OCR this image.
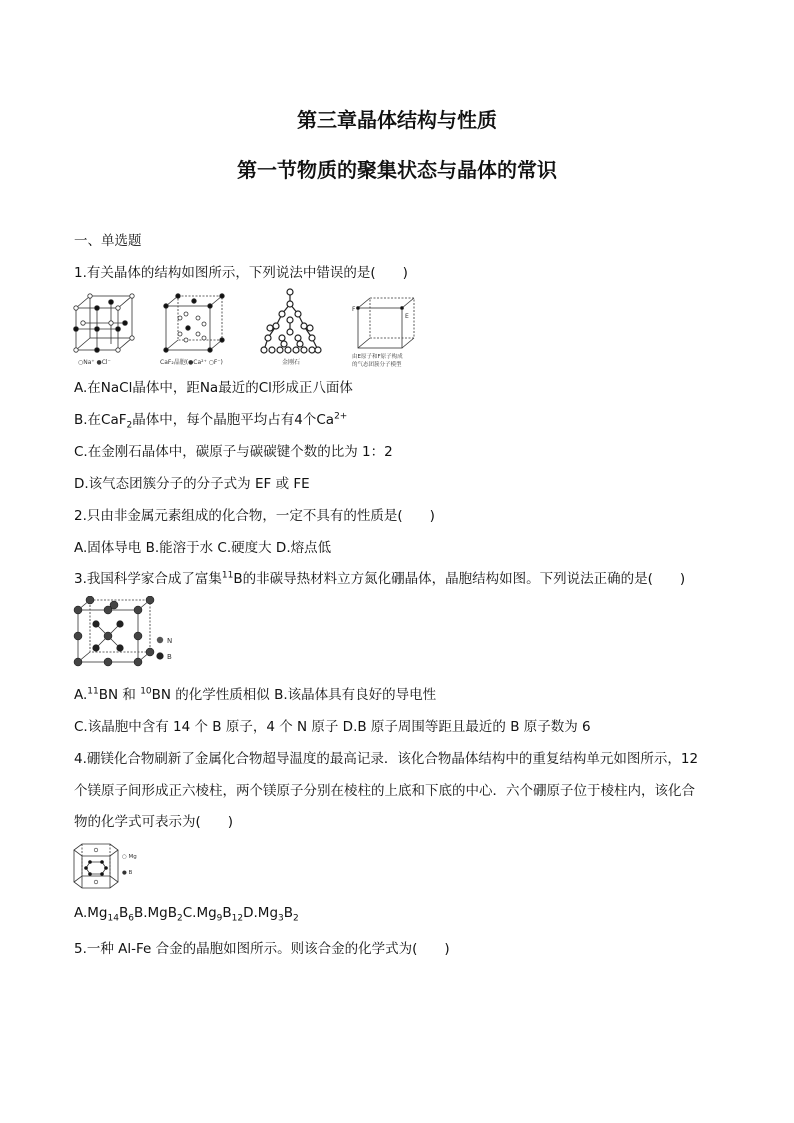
第三章晶体结构与性质
第一节物质的聚集状态与晶体的常识
一、单选题
1.有关晶体的结构如图所示，下列说法中错误的是(　　)
○Na⁺ ●Cl⁻	CaF₂晶胞(●Ca²⁺ ○F⁻)	金刚石
F
E
由E原子和F原子构成
的气态团簇分子模型
A.在NaCl晶体中，距Na最近的Cl形成正八面体
B.在CaF$_2$晶体中，每个晶胞平均占有4个$Ca^{2+}$
C.在金刚石晶体中，碳原子与碳碳键个数的比为 1：2
D.该气态团簇分子的分子式为 EF 或 FE
2.只由非金属元素组成的化合物，一定不具有的性质是(　　)
A.固体导电 B.能溶于水 C.硬度大 D.熔点低
3.我国科学家合成了富集$^{11}$B的非碳导热材料立方氮化硼晶体，晶胞结构如图。下列说法正确的是(　　)
N
B
A.$^{11}$BN 和 $^{10}$BN 的化学性质相似 B.该晶体具有良好的导电性
C.该晶胞中含有 14 个 B 原子，4 个 N 原子 D.B 原子周围等距且最近的 B 原子数为 6
4.硼镁化合物刷新了金属化合物超导温度的最高记录．该化合物晶体结构中的重复结构单元如图所示，12
个镁原子间形成正六棱柱，两个镁原子分别在棱柱的上底和下底的中心．六个硼原子位于棱柱内，该化合
物的化学式可表示为(　　)
○ Mg
● B
$A.Mg_{14}B_6B.MgB_2C.Mg_9B_{12}D.Mg_3B_2$
5.一种 Al-Fe 合金的晶胞如图所示。则该合金的化学式为(　　)
